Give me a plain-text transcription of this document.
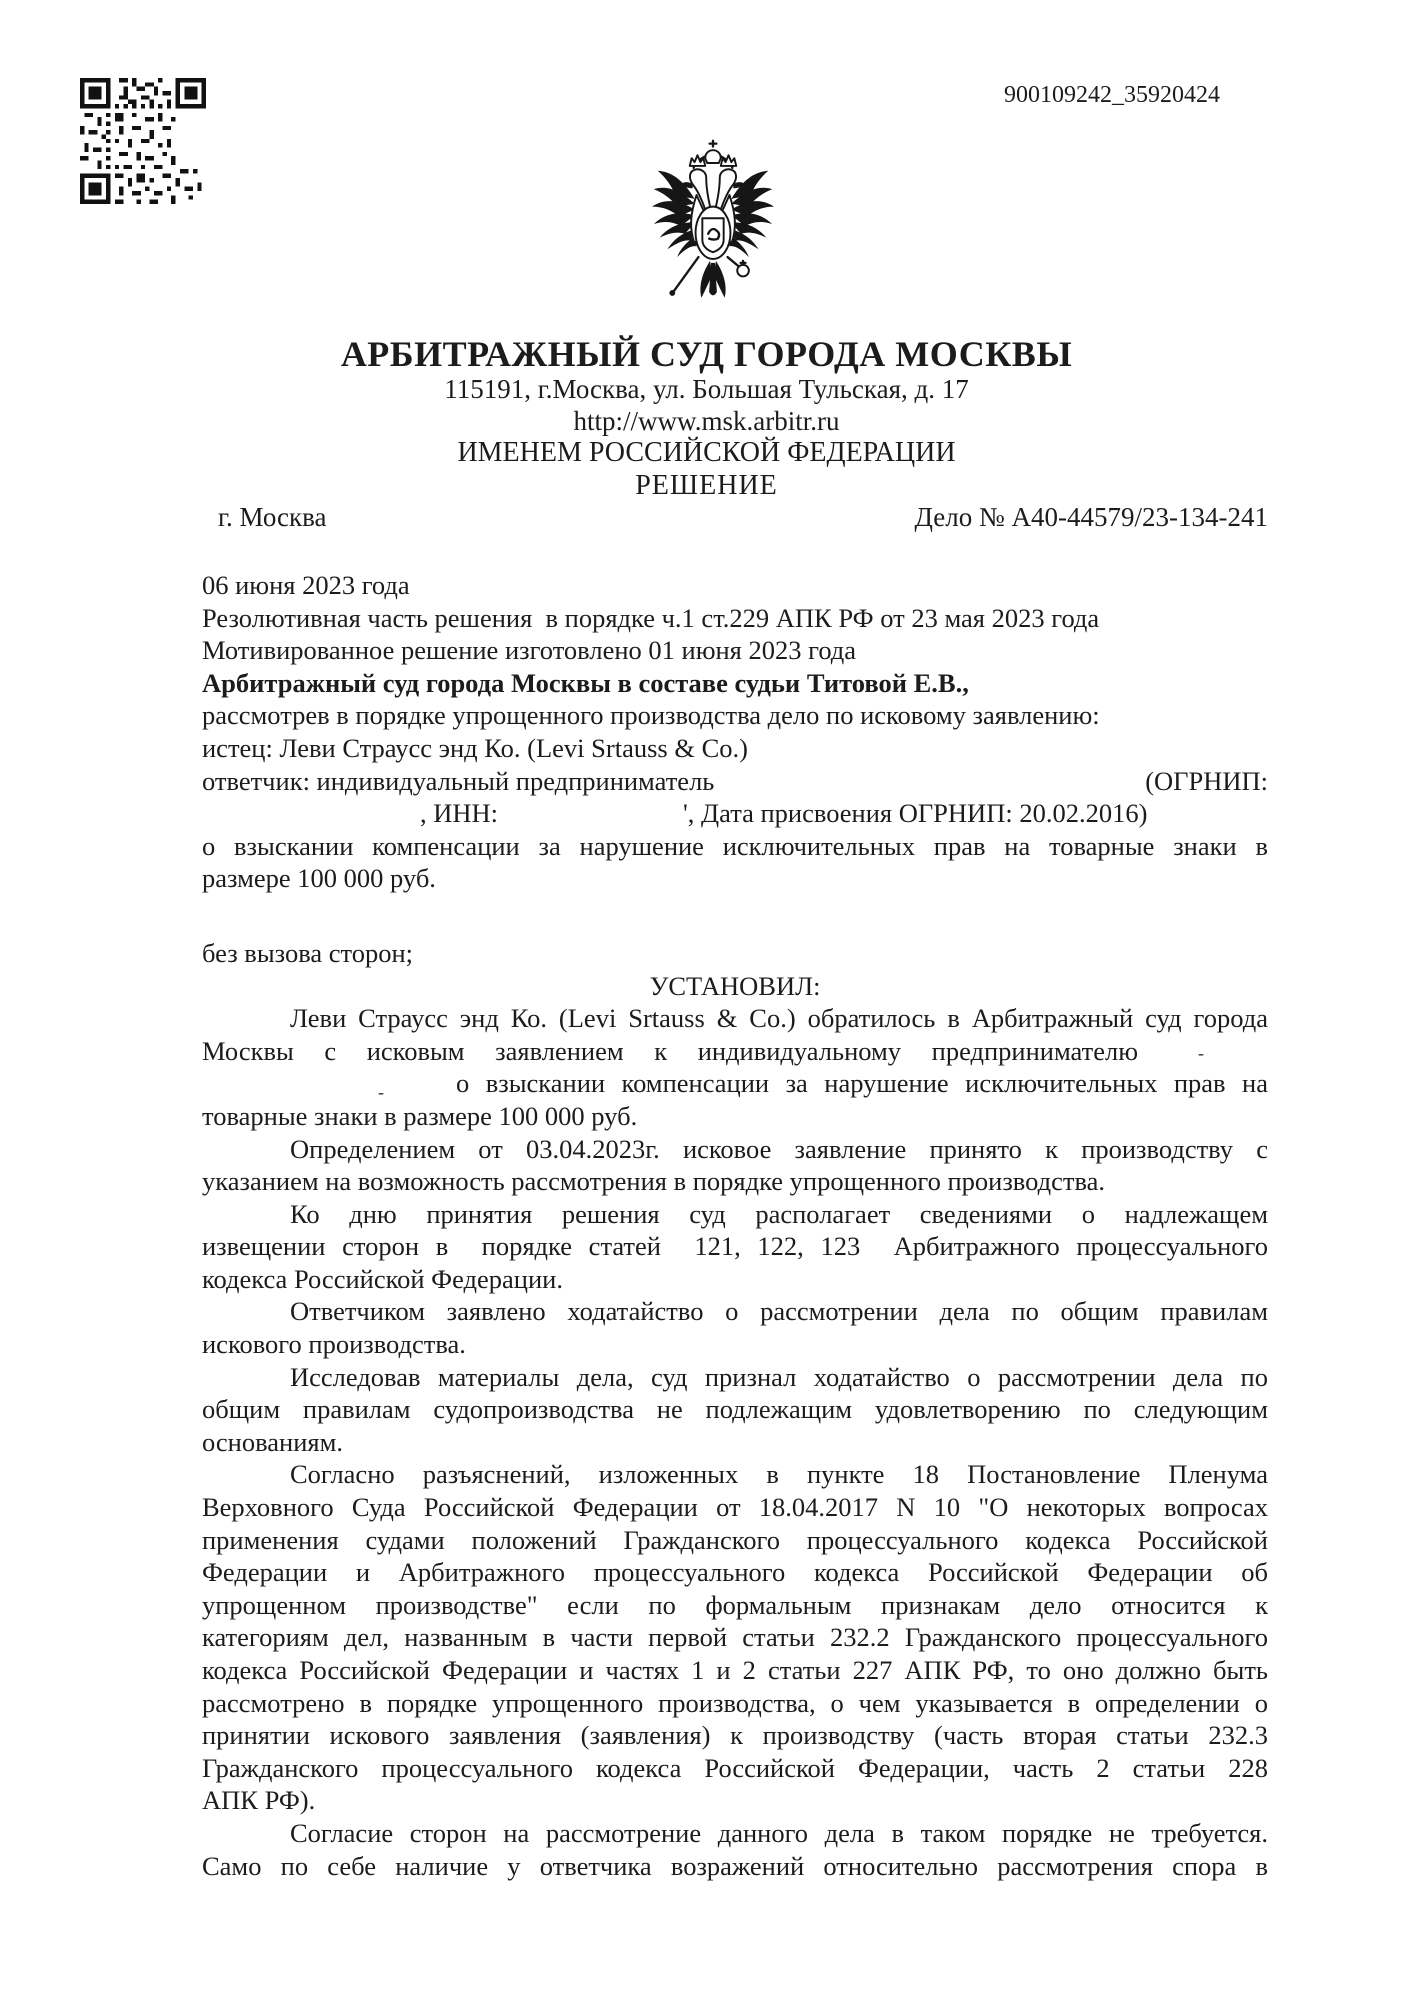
900109242_35920424
АРБИТРАЖНЫЙ СУД ГОРОДА МОСКВЫ
115191, г.Москва, ул. Большая Тульская, д. 17
http://www.msk.arbitr.ru
ИМЕНЕМ РОССИЙСКОЙ ФЕДЕРАЦИИ
РЕШЕНИЕ
г. Москва	Дело № А40-44579/23-134-241
06 июня 2023 года
Резолютивная часть решения  в порядке ч.1 ст.229 АПК РФ от 23 мая 2023 года
Мотивированное решение изготовлено 01 июня 2023 года
Арбитражный суд города Москвы в составе судьи Титовой Е.В.,
рассмотрев в порядке упрощенного производства дело по исковому заявлению:
истец: Леви Страусс энд Ко. (Levi Srtauss & Co.)
ответчик: индивидуальный предприниматель	(ОГРНИП:
, ИНН:	', Дата присвоения ОГРНИП: 20.02.2016)
о взыскании компенсации за нарушение исключительных прав на товарные знаки в
размере 100 000 руб.
без вызова сторон;
УСТАНОВИЛ:
Леви Страусс энд Ко. (Levi Srtauss & Co.) обратилось в Арбитражный суд города
Москвы с исковым заявлением к индивидуальному предпринимателю
о взыскании компенсации за нарушение исключительных прав на
товарные знаки в размере 100 000 руб.
Определением от 03.04.2023г. исковое заявление принято к производству с
указанием на возможность рассмотрения в порядке упрощенного производства.
Ко дню принятия решения суд располагает сведениями о надлежащем
извещении сторон в  порядке статей  121, 122, 123  Арбитражного процессуального
кодекса Российской Федерации.
Ответчиком заявлено ходатайство о рассмотрении дела по общим правилам
искового производства.
Исследовав материалы дела, суд признал ходатайство о рассмотрении дела по
общим правилам судопроизводства не подлежащим удовлетворению по следующим
основаниям.
Согласно разъяснений, изложенных в пункте 18 Постановление Пленума
Верховного Суда Российской Федерации от 18.04.2017 N 10 "О некоторых вопросах
применения судами положений Гражданского процессуального кодекса Российской
Федерации и Арбитражного процессуального кодекса Российской Федерации об
упрощенном производстве" если по формальным признакам дело относится к
категориям дел, названным в части первой статьи 232.2 Гражданского процессуального
кодекса Российской Федерации и частях 1 и 2 статьи 227 АПК РФ, то оно должно быть
рассмотрено в порядке упрощенного производства, о чем указывается в определении о
принятии искового заявления (заявления) к производству (часть вторая статьи 232.3
Гражданского процессуального кодекса Российской Федерации, часть 2 статьи 228
АПК РФ).
Согласие сторон на рассмотрение данного дела в таком порядке не требуется.
Само по себе наличие у ответчика возражений относительно рассмотрения спора в
-
-
